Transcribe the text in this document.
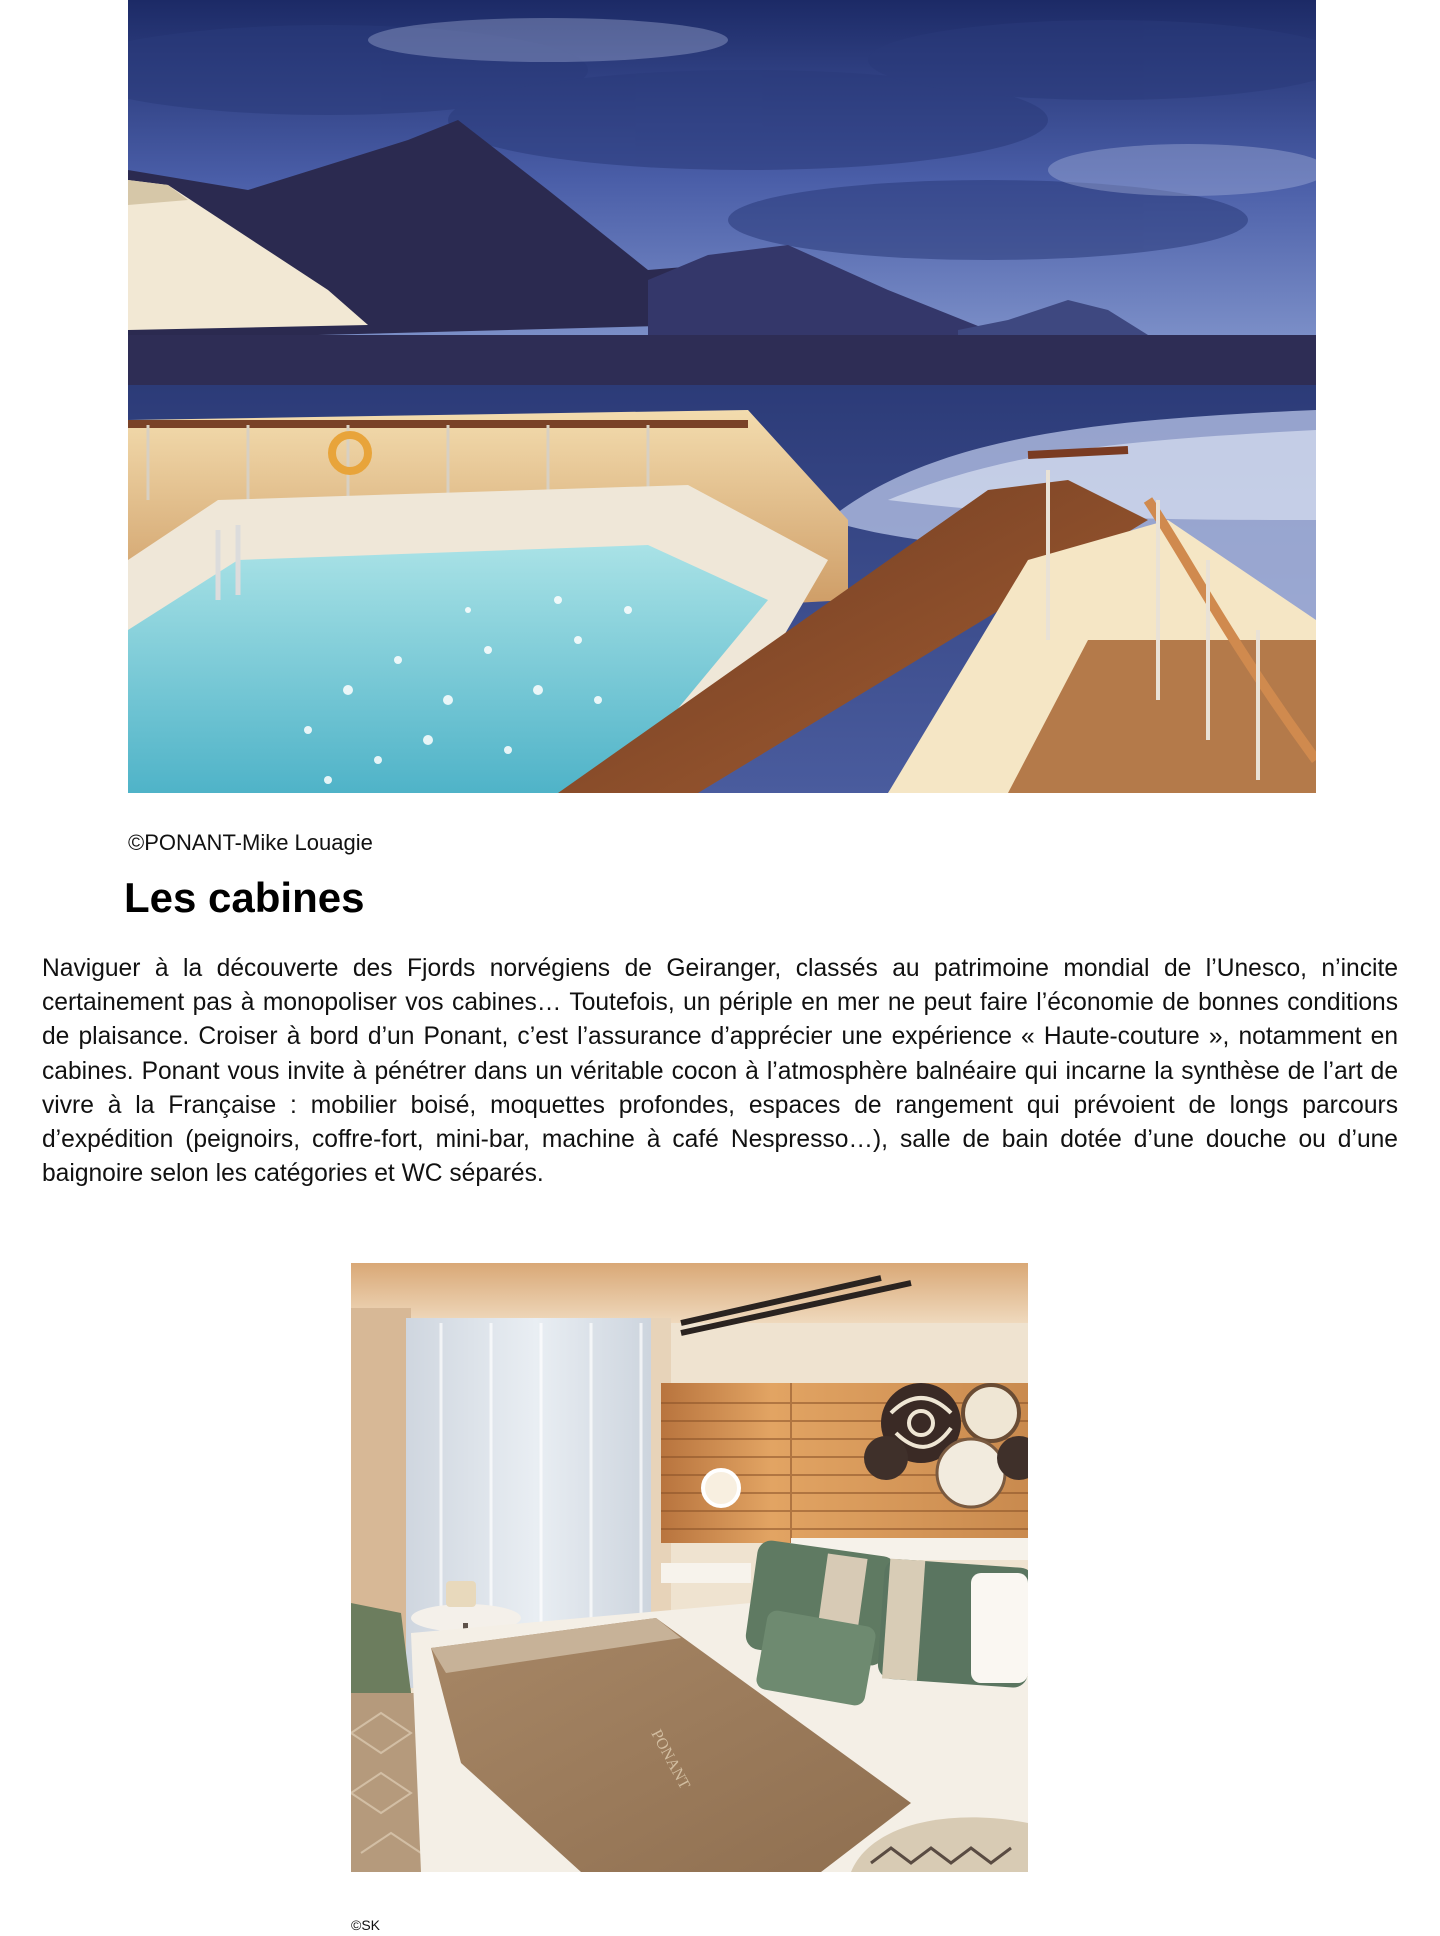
©PONANT-Mike Louagie
Les cabines

Naviguer à la découverte des Fjords norvégiens de Geiranger, classés au patrimoine mondial de l’Unesco, n’incite certainement pas à monopoliser vos cabines… Toutefois, un périple en mer ne peut faire l’économie de bonnes conditions de plaisance. Croiser à bord d’un Ponant, c’est l’assurance d’apprécier une expérience « Haute-couture », notamment en cabines. Ponant vous invite à pénétrer dans un véritable cocon à l’atmosphère balnéaire qui incarne la synthèse de l’art de vivre à la Française : mobilier boisé, moquettes profondes, espaces de rangement qui prévoient de longs parcours d’expédition (peignoirs, coffre-fort, mini-bar, machine à café Nespresso…), salle de bain dotée d’une douche ou d’une baignoire selon les catégories et WC séparés.

PONANT
©SK
